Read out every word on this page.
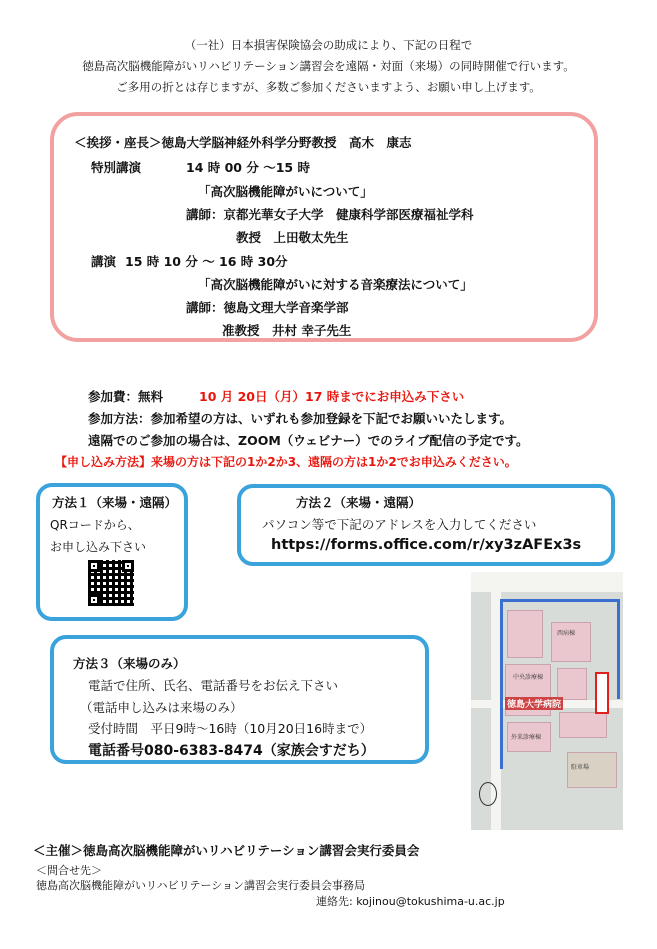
（一社）日本損害保険協会の助成により、下記の日程で
徳島高次脳機能障がいリハビリテーション講習会を遠隔・対面（来場）の同時開催で行います。
ご多用の折とは存じますが、多数ご参加くださいますよう、お願い申し上げます。
＜挨拶・座長＞徳島大学脳神経外科学分野教授　高木　康志
特別講演	14 時 00 分 ～15 時
「高次脳機能障がいについて」
講師：京都光華女子大学　健康科学部医療福祉学科
教授　上田敬太先生
講演 15 時 10 分 ～ 16 時 30分
「高次脳機能障がいに対する音楽療法について」
講師：徳島文理大学音楽学部
准教授　井村 幸子先生
参加費：無料	10 月 20日（月）17 時までにお申込み下さい
参加方法：参加希望の方は、いずれも参加登録を下記でお願いいたします。
遠隔でのご参加の場合は、ZOOM（ウェビナー）でのライブ配信の予定です。
【申し込み方法】来場の方は下記の1か2か3、遠隔の方は1か2でお申込みください。
方法１（来場・遠隔）
QRコードから、
お申し込み下さい
方法２（来場・遠隔）
パソコン等で下記のアドレスを入力してください
https://forms.office.com/r/xy3zAFEx3s
方法３（来場のみ）
電話で住所、氏名、電話番号をお伝え下さい
（電話申し込みは来場のみ）
受付時間　平日9時～16時（10月20日16時まで）
電話番号080-6383-8474（家族会すだち）
徳島大学病院
外来診療棟
中央診療棟
駐車場
西病棟
＜主催＞徳島高次脳機能障がいリハビリテーション講習会実行委員会
＜問合せ先＞
徳島高次脳機能障がいリハビリテーション講習会実行委員会事務局
連絡先: kojinou@tokushima-u.ac.jp
